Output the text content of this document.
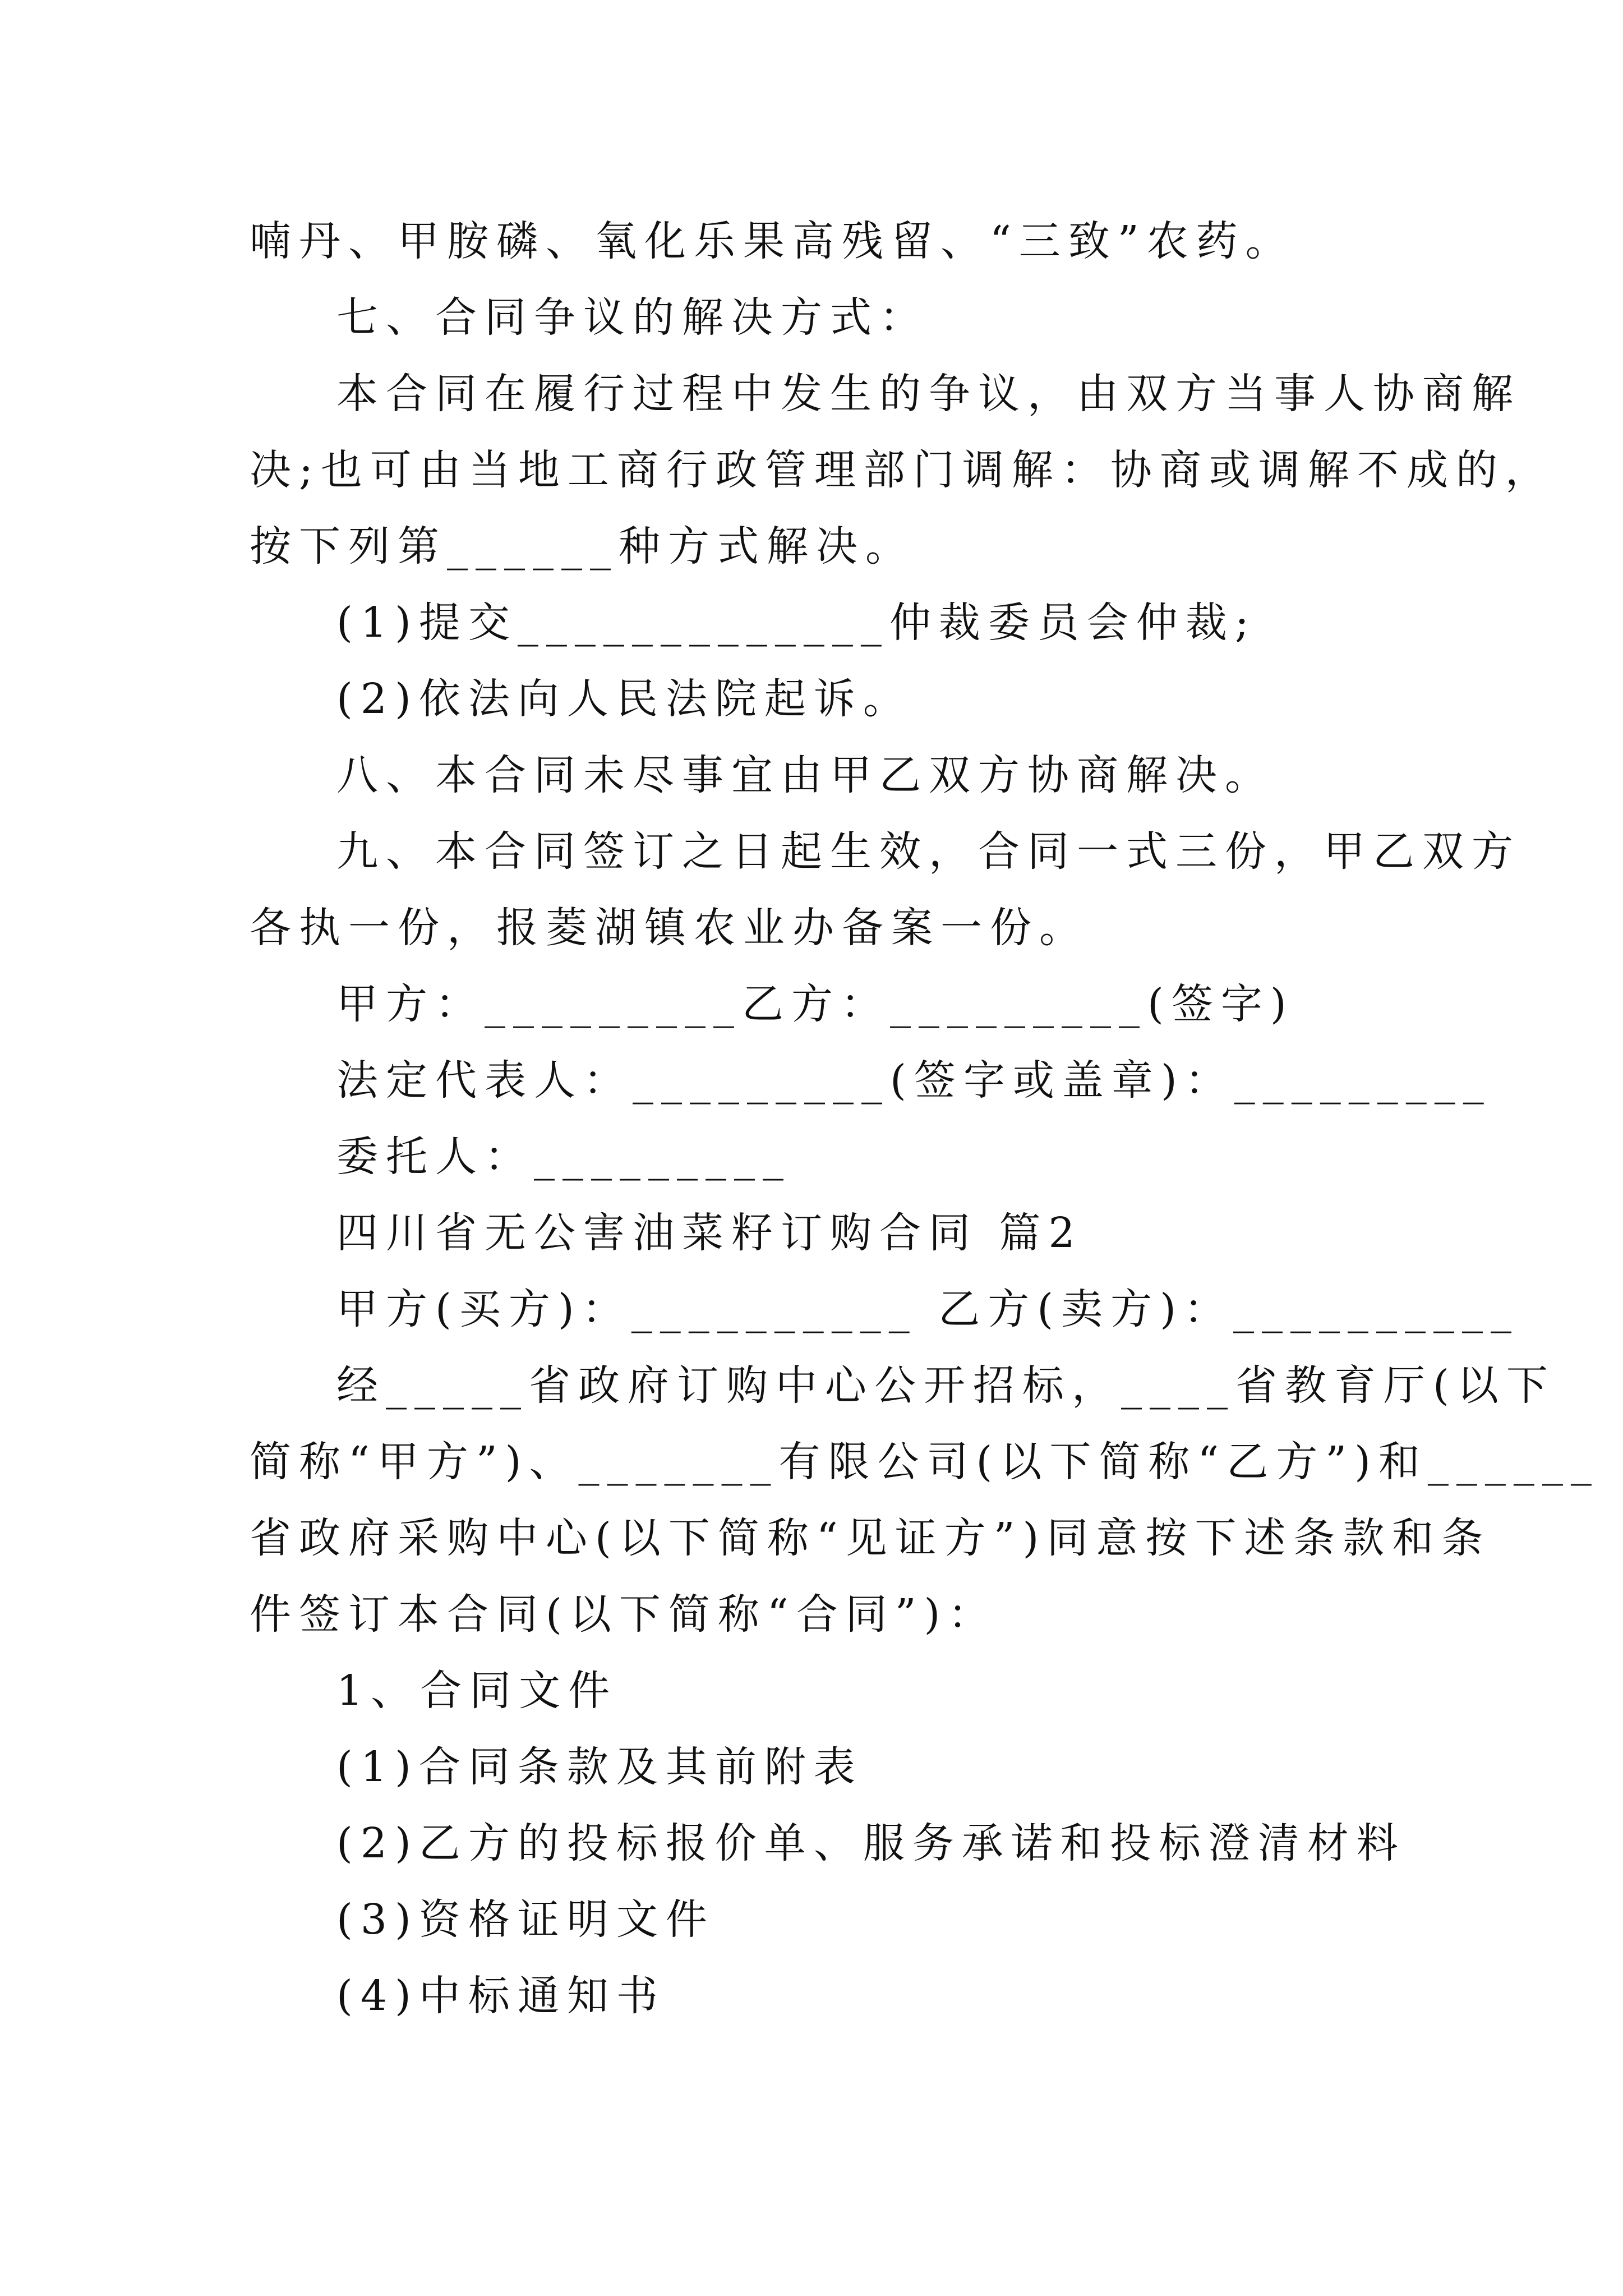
喃丹、甲胺磷、氧化乐果高残留、“三致”农药。
七、合同争议的解决方式：
本合同在履行过程中发生的争议，由双方当事人协商解
决;也可由当地工商行政管理部门调解：协商或调解不成的，
按下列第______种方式解决。
(1)提交_____________仲裁委员会仲裁;
(2)依法向人民法院起诉。
八、本合同未尽事宜由甲乙双方协商解决。
九、本合同签订之日起生效，合同一式三份，甲乙双方
各执一份，报菱湖镇农业办备案一份。
甲方：_________乙方：_________(签字)
法定代表人：_________(签字或盖章)：_________
委托人：_________
四川省无公害油菜籽订购合同 篇2
甲方(买方)：__________ 乙方(卖方)：__________
经_____省政府订购中心公开招标，____省教育厅(以下
简称“甲方”)、_______有限公司(以下简称“乙方”)和______
省政府采购中心(以下简称“见证方”)同意按下述条款和条
件签订本合同(以下简称“合同”)：
1、合同文件
(1)合同条款及其前附表
(2)乙方的投标报价单、服务承诺和投标澄清材料
(3)资格证明文件
(4)中标通知书
